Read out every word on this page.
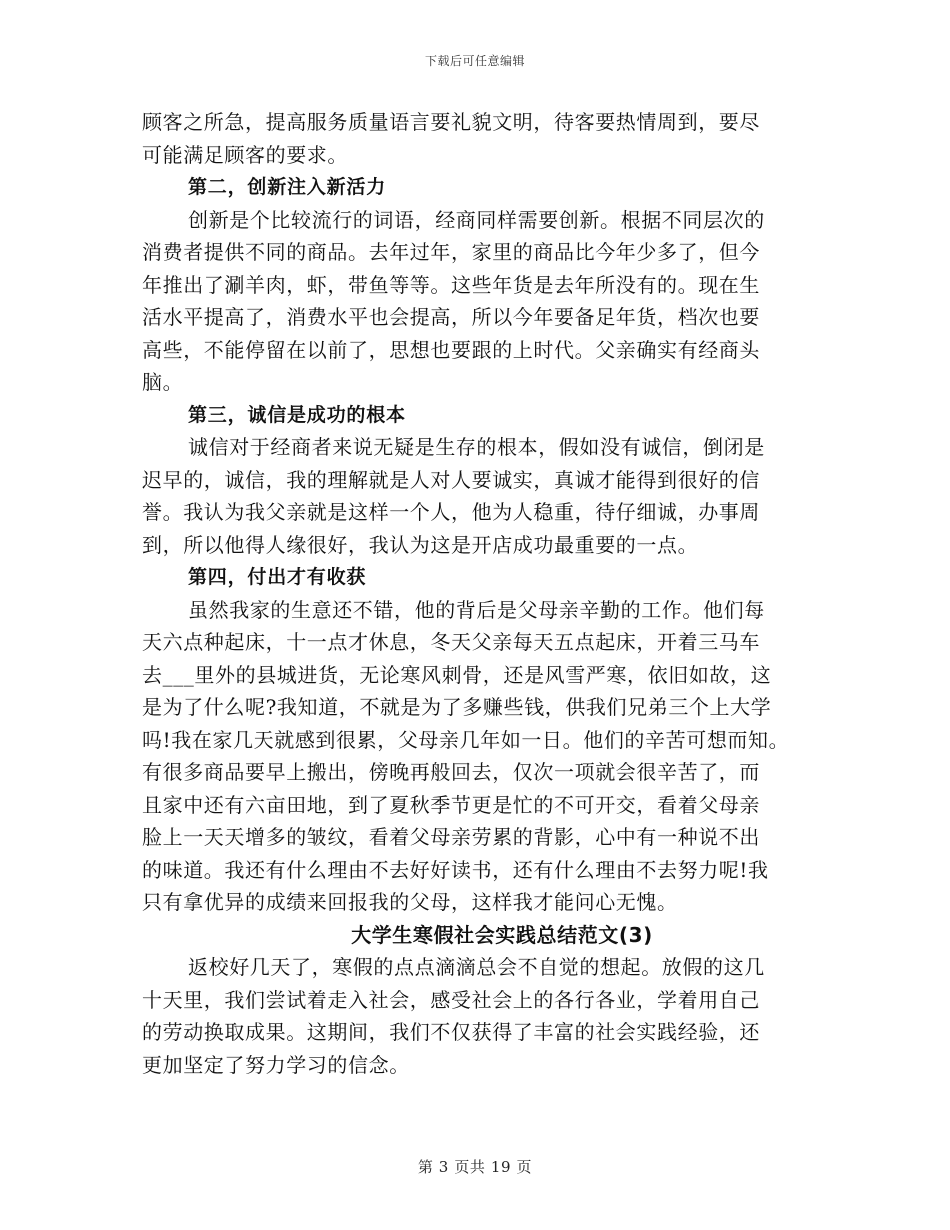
下载后可任意编辑
顾客之所急，提高服务质量语言要礼貌文明，待客要热情周到，要尽
可能满足顾客的要求。
第二，创新注入新活力
创新是个比较流行的词语，经商同样需要创新。根据不同层次的
消费者提供不同的商品。去年过年，家里的商品比今年少多了，但今
年推出了涮羊肉，虾，带鱼等等。这些年货是去年所没有的。现在生
活水平提高了，消费水平也会提高，所以今年要备足年货，档次也要
高些，不能停留在以前了，思想也要跟的上时代。父亲确实有经商头
脑。
第三，诚信是成功的根本
诚信对于经商者来说无疑是生存的根本，假如没有诚信，倒闭是
迟早的，诚信，我的理解就是人对人要诚实，真诚才能得到很好的信
誉。我认为我父亲就是这样一个人，他为人稳重，待仔细诚，办事周
到，所以他得人缘很好，我认为这是开店成功最重要的一点。
第四，付出才有收获
虽然我家的生意还不错，他的背后是父母亲辛勤的工作。他们每
天六点种起床，十一点才休息，冬天父亲每天五点起床，开着三马车
去___里外的县城进货，无论寒风刺骨，还是风雪严寒，依旧如故，这
是为了什么呢?我知道，不就是为了多赚些钱，供我们兄弟三个上大学
吗!我在家几天就感到很累，父母亲几年如一日。他们的辛苦可想而知。
有很多商品要早上搬出，傍晚再般回去，仅次一项就会很辛苦了，而
且家中还有六亩田地，到了夏秋季节更是忙的不可开交，看着父母亲
脸上一天天增多的皱纹，看着父母亲劳累的背影，心中有一种说不出
的味道。我还有什么理由不去好好读书，还有什么理由不去努力呢!我
只有拿优异的成绩来回报我的父母，这样我才能问心无愧。
大学生寒假社会实践总结范文(3)
返校好几天了，寒假的点点滴滴总会不自觉的想起。放假的这几
十天里，我们尝试着走入社会，感受社会上的各行各业，学着用自己
的劳动换取成果。这期间，我们不仅获得了丰富的社会实践经验，还
更加坚定了努力学习的信念。
第 3 页共 19 页
